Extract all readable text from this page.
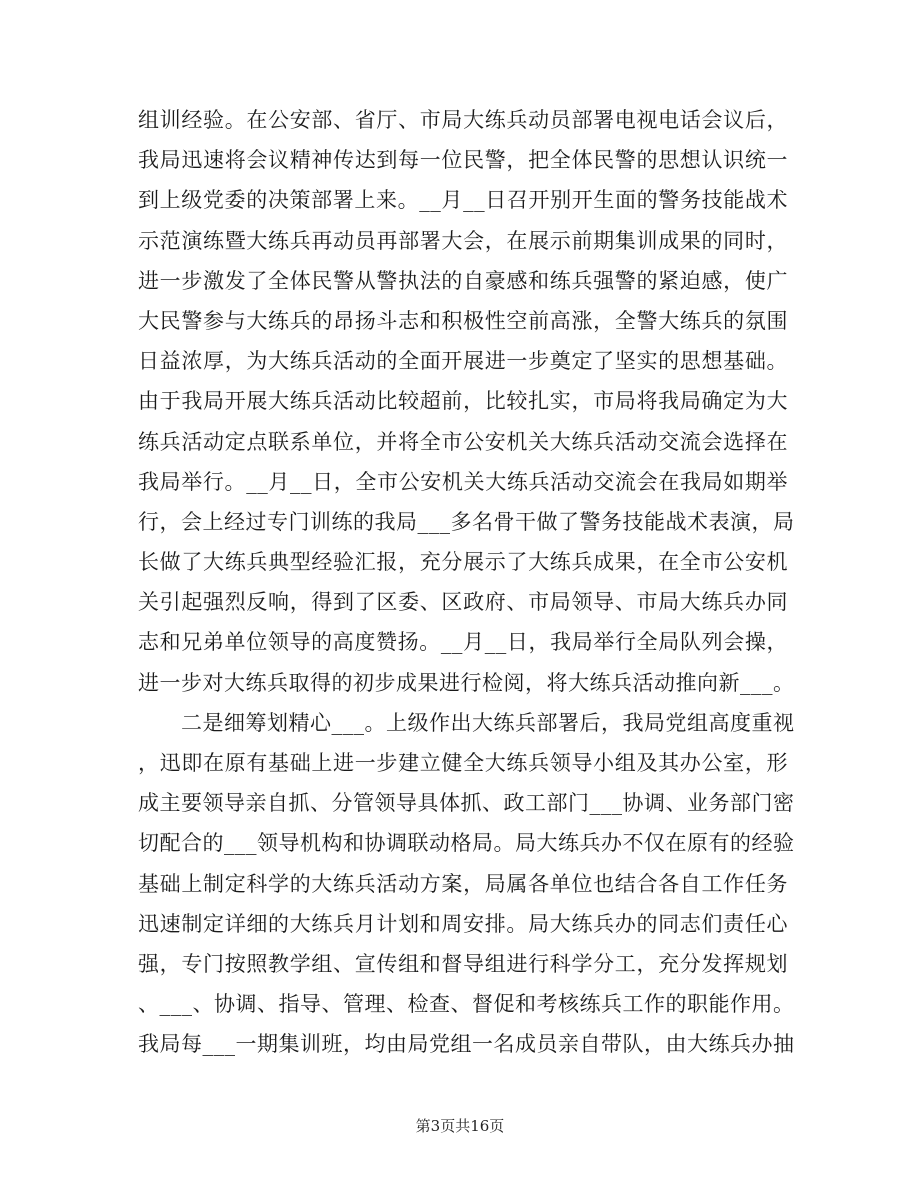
组训经验。在公安部、省厅、市局大练兵动员部署电视电话会议后，
我局迅速将会议精神传达到每一位民警，把全体民警的思想认识统一
到上级党委的决策部署上来。__月__日召开别开生面的警务技能战术
示范演练暨大练兵再动员再部署大会，在展示前期集训成果的同时，
进一步激发了全体民警从警执法的自豪感和练兵强警的紧迫感，使广
大民警参与大练兵的昂扬斗志和积极性空前高涨，全警大练兵的氛围
日益浓厚，为大练兵活动的全面开展进一步奠定了坚实的思想基础。
由于我局开展大练兵活动比较超前，比较扎实，市局将我局确定为大
练兵活动定点联系单位，并将全市公安机关大练兵活动交流会选择在
我局举行。__月__日，全市公安机关大练兵活动交流会在我局如期举
行，会上经过专门训练的我局___多名骨干做了警务技能战术表演，局
长做了大练兵典型经验汇报，充分展示了大练兵成果，在全市公安机
关引起强烈反响，得到了区委、区政府、市局领导、市局大练兵办同
志和兄弟单位领导的高度赞扬。__月__日，我局举行全局队列会操，
进一步对大练兵取得的初步成果进行检阅，将大练兵活动推向新___。
　　二是细筹划精心___。上级作出大练兵部署后，我局党组高度重视
，迅即在原有基础上进一步建立健全大练兵领导小组及其办公室，形
成主要领导亲自抓、分管领导具体抓、政工部门___协调、业务部门密
切配合的___领导机构和协调联动格局。局大练兵办不仅在原有的经验
基础上制定科学的大练兵活动方案，局属各单位也结合各自工作任务
迅速制定详细的大练兵月计划和周安排。局大练兵办的同志们责任心
强，专门按照教学组、宣传组和督导组进行科学分工，充分发挥规划
、___、协调、指导、管理、检查、督促和考核练兵工作的职能作用。
我局每___一期集训班，均由局党组一名成员亲自带队，由大练兵办抽
第3页共16页
